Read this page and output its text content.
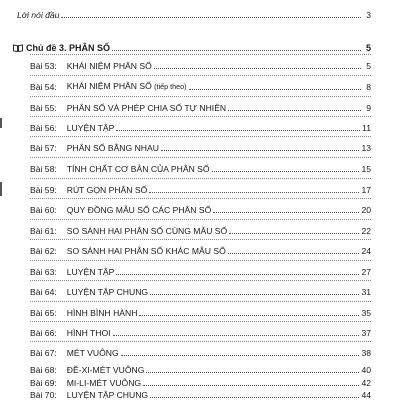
Lời nói đầu	3
Chủ đề 3. PHÂN SỐ	5
Bài 53:	KHÁI NIỆM PHÂN SỐ	5
Bài 54:	KHÁI NIỆM PHÂN SỐ (tiếp theo)	8
Bài 55:	PHÂN SỐ VÀ PHÉP CHIA SỐ TỰ NHIÊN	9
Bài 56:	LUYỆN TẬP	11
Bài 57:	PHÂN SỐ BẰNG NHAU	13
Bài 58:	TÍNH CHẤT CƠ BẢN CỦA PHÂN SỐ	15
Bài 59:	RÚT GỌN PHÂN SỐ	17
Bài 60:	QUY ĐỒNG MẪU SỐ CÁC PHÂN SỐ	20
Bài 61:	SO SÁNH HAI PHÂN SỐ CÙNG MẪU SỐ	22
Bài 62:	SO SÁNH HAI PHÂN SỐ KHÁC MẪU SỐ	24
Bài 63:	LUYỆN TẬP	27
Bài 64:	LUYỆN TẬP CHUNG	31
Bài 65:	HÌNH BÌNH HÀNH	35
Bài 66:	HÌNH THOI	37
Bài 67:	MÉT VUÔNG	38
Bài 68:	ĐỀ-XI-MÉT VUÔNG	40
Bài 69:	MI-LI-MÉT VUÔNG	42
Bài 70:	LUYỆN TẬP CHUNG	44
